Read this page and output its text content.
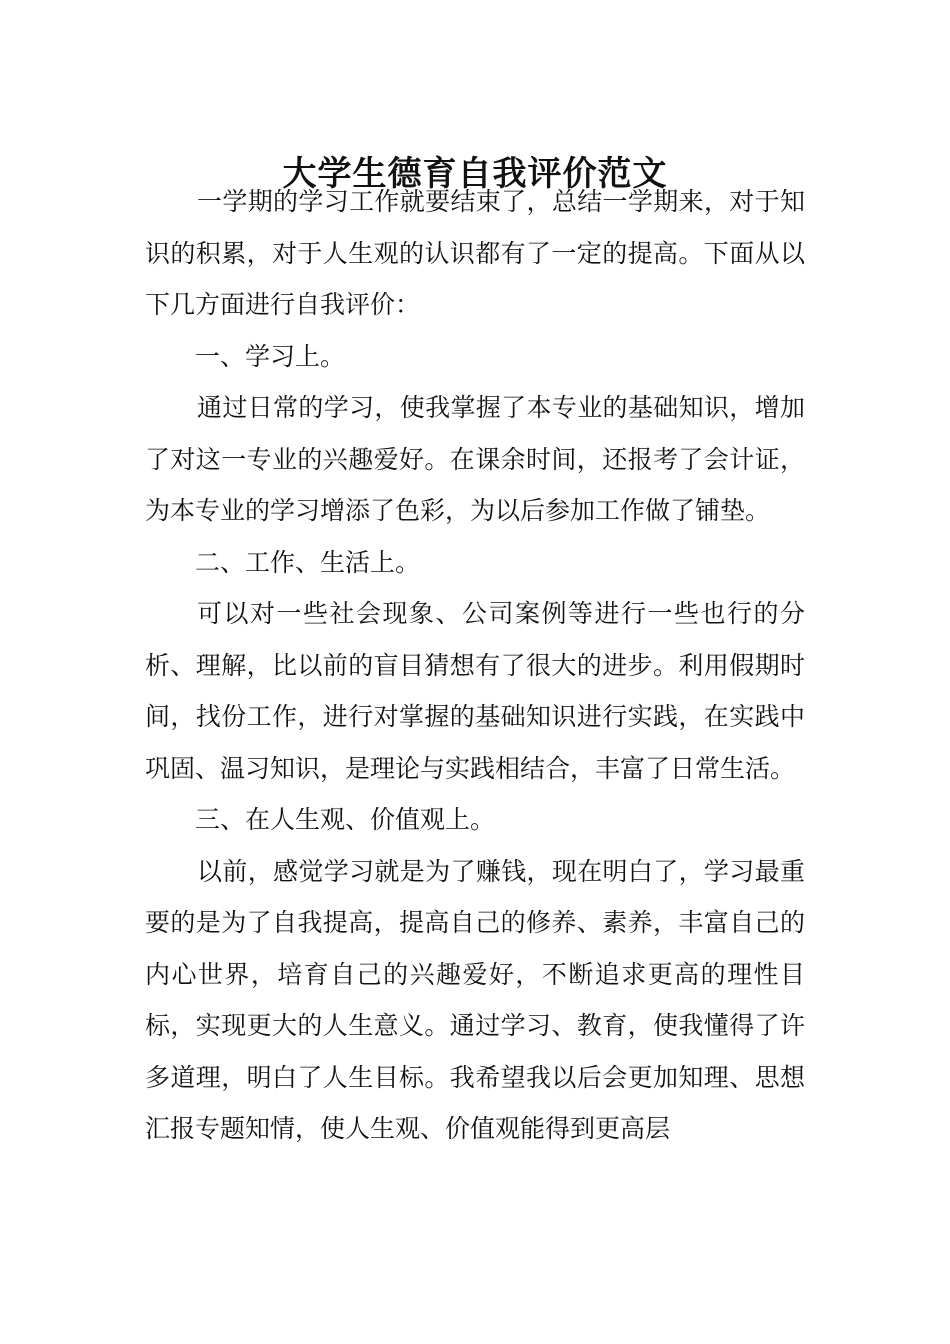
大学生德育自我评价范文

一学期的学习工作就要结束了，总结一学期来，对于知识的积累，对于人生观的认识都有了一定的提高。下面从以下几方面进行自我评价：

一、学习上。

通过日常的学习，使我掌握了本专业的基础知识，增加了对这一专业的兴趣爱好。在课余时间，还报考了会计证，为本专业的学习增添了色彩，为以后参加工作做了铺垫。

二、工作、生活上。

可以对一些社会现象、公司案例等进行一些也行的分析、理解，比以前的盲目猜想有了很大的进步。利用假期时间，找份工作，进行对掌握的基础知识进行实践，在实践中巩固、温习知识，是理论与实践相结合，丰富了日常生活。

三、在人生观、价值观上。

以前，感觉学习就是为了赚钱，现在明白了，学习最重要的是为了自我提高，提高自己的修养、素养，丰富自己的内心世界，培育自己的兴趣爱好，不断追求更高的理性目标，实现更大的人生意义。通过学习、教育，使我懂得了许多道理，明白了人生目标。我希望我以后会更加知理、思想汇报专题知情，使人生观、价值观能得到更高层
